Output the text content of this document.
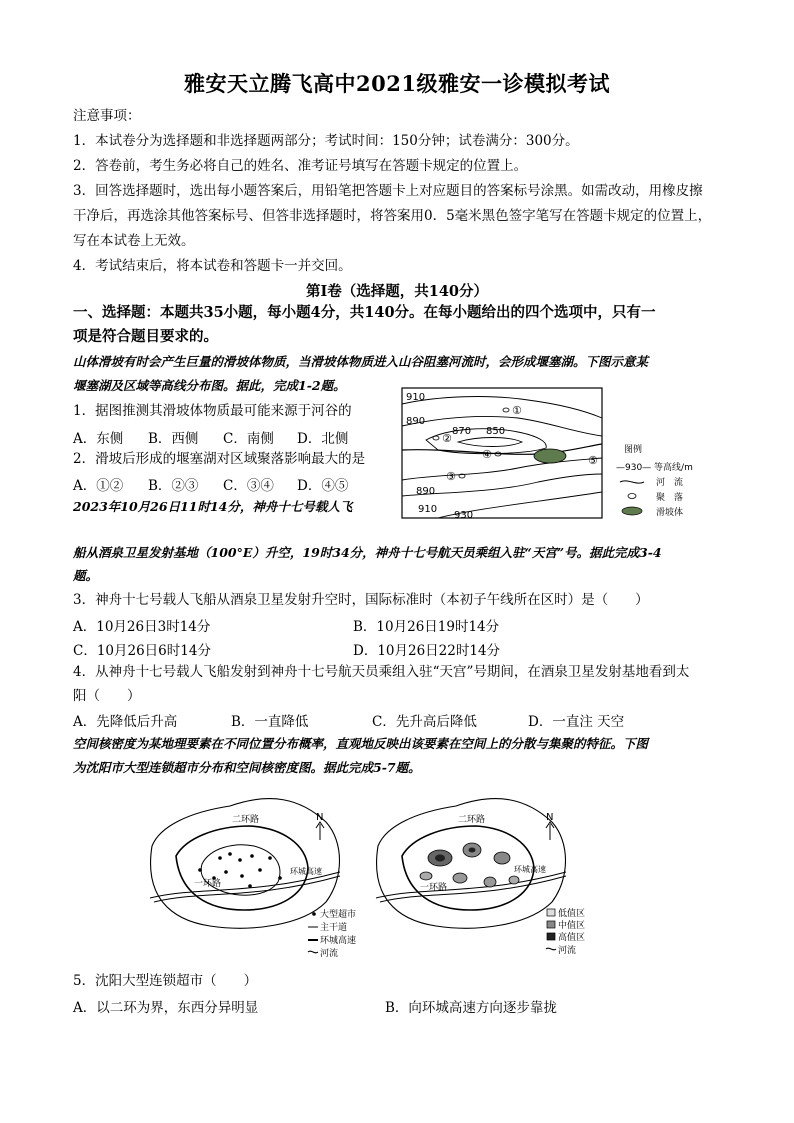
雅安天立腾飞高中2021级雅安一诊模拟考试
注意事项：
1．本试卷分为选择题和非选择题两部分；考试时间：150分钟；试卷满分：300分。
2．答卷前，考生务必将自己的姓名、准考证号填写在答题卡规定的位置上。
3．回答选择题时，选出每小题答案后，用铅笔把答题卡上对应题目的答案标号涂黑。如需改动，用橡皮擦
干净后，再选涂其他答案标号、但答非选择题时，将答案用0．5毫米黑色签字笔写在答题卡规定的位置上，
写在本试卷上无效。
4．考试结束后，将本试卷和答题卡一并交回。
第Ⅰ卷（选择题，共140分）
一、选择题：本题共35小题，每小题4分，共140分。在每小题给出的四个选项中，只有一
项是符合题目要求的。
山体滑坡有时会产生巨量的滑坡体物质，当滑坡体物质进入山谷阻塞河流时，会形成堰塞湖。下图示意某
堰塞湖及区域等高线分布图。据此，完成1-2题。
1．据图推测其滑坡体物质最可能来源于河谷的
A．东侧 B．西侧 C．南侧 D．北侧
2．滑坡后形成的堰塞湖对区域聚落影响最大的是
A．①② B．②③ C．③④ D．④⑤
2023年10月26日11时14分，神舟十七号载人飞
910
890
870 850
890
910
930
①
②
③
④	⑤
图例
—930— 等高线/m
河　流
聚　落
滑坡体
船从酒泉卫星发射基地（100°E）升空，19时34分，神舟十七号航天员乘组入驻“天宫”号。据此完成3-4
题。
3．神舟十七号载人飞船从酒泉卫星发射升空时，国际标准时（本初子午线所在区时）是（　　）
A．10月26日3时14分	B．10月26日19时14分
C．10月26日6时14分	D．10月26日22时14分
4．从神舟十七号载人飞船发射到神舟十七号航天员乘组入驻“天宫”号期间，在酒泉卫星发射基地看到太
阳（　　）
A．先降低后升高	B．一直降低	C．先升高后降低	D．一直注 天空
空间核密度为某地理要素在不同位置分布概率，直观地反映出该要素在空间上的分散与集聚的特征。下图
为沈阳市大型连锁超市分布和空间核密度图。据此完成5-7题。
二环路
一环路
环城高速
N
大型超市
主干道
环城高速
河流
二环路
一环路
环城高速
N
低值区
中值区
高值区
河流
5．沈阳大型连锁超市（　　）
A．以二环为界，东西分异明显	B．向环城高速方向逐步靠拢
